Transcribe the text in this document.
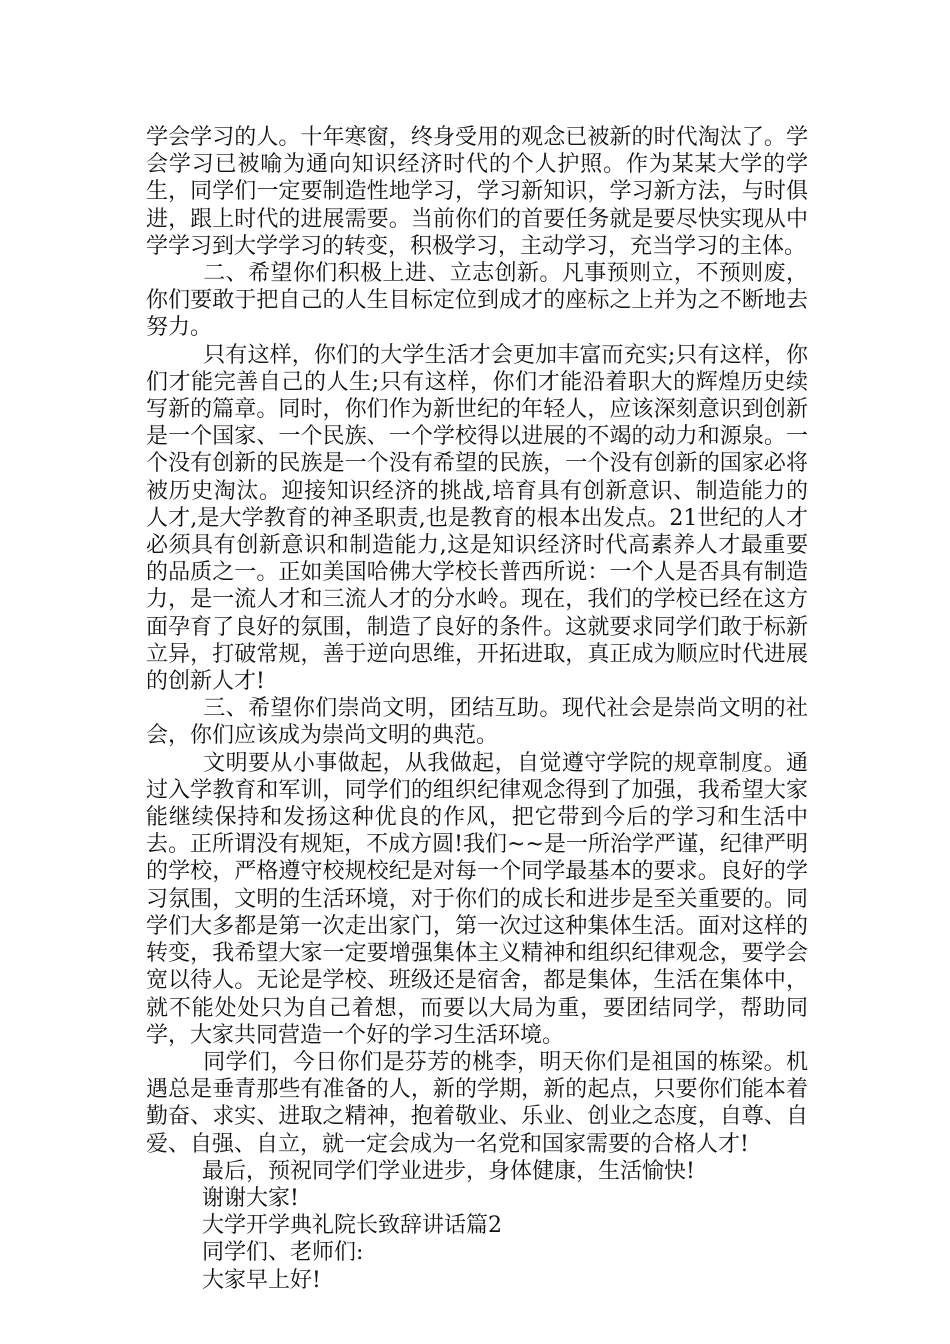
学会学习的人。十年寒窗，终身受用的观念已被新的时代淘汰了。学会学习已被喻为通向知识经济时代的个人护照。作为某某大学的学生，同学们一定要制造性地学习，学习新知识，学习新方法，与时俱进，跟上时代的进展需要。当前你们的首要任务就是要尽快实现从中学学习到大学学习的转变，积极学习，主动学习，充当学习的主体。

二、希望你们积极上进、立志创新。凡事预则立，不预则废，你们要敢于把自己的人生目标定位到成才的座标之上并为之不断地去努力。

只有这样，你们的大学生活才会更加丰富而充实;只有这样，你们才能完善自己的人生;只有这样，你们才能沿着职大的辉煌历史续写新的篇章。同时，你们作为新世纪的年轻人，应该深刻意识到创新是一个国家、一个民族、一个学校得以进展的不竭的动力和源泉。一个没有创新的民族是一个没有希望的民族，一个没有创新的国家必将被历史淘汰。迎接知识经济的挑战,培育具有创新意识、制造能力的人才,是大学教育的神圣职责,也是教育的根本出发点。21世纪的人才必须具有创新意识和制造能力,这是知识经济时代高素养人才最重要的品质之一。正如美国哈佛大学校长普西所说：一个人是否具有制造力，是一流人才和三流人才的分水岭。现在，我们的学校已经在这方面孕育了良好的氛围，制造了良好的条件。这就要求同学们敢于标新立异，打破常规，善于逆向思维，开拓进取，真正成为顺应时代进展的创新人才!

三、希望你们崇尚文明，团结互助。现代社会是崇尚文明的社会，你们应该成为崇尚文明的典范。

文明要从小事做起，从我做起，自觉遵守学院的规章制度。通过入学教育和军训，同学们的组织纪律观念得到了加强，我希望大家能继续保持和发扬这种优良的作风，把它带到今后的学习和生活中去。正所谓没有规矩，不成方圆!我们~~是一所治学严谨，纪律严明的学校，严格遵守校规校纪是对每一个同学最基本的要求。良好的学习氛围，文明的生活环境，对于你们的成长和进步是至关重要的。同学们大多都是第一次走出家门，第一次过这种集体生活。面对这样的转变，我希望大家一定要增强集体主义精神和组织纪律观念，要学会宽以待人。无论是学校、班级还是宿舍，都是集体，生活在集体中，就不能处处只为自己着想，而要以大局为重，要团结同学，帮助同学，大家共同营造一个好的学习生活环境。

同学们，今日你们是芬芳的桃李，明天你们是祖国的栋梁。机遇总是垂青那些有准备的人，新的学期，新的起点，只要你们能本着勤奋、求实、进取之精神，抱着敬业、乐业、创业之态度，自尊、自爱、自强、自立，就一定会成为一名党和国家需要的合格人才!

最后，预祝同学们学业进步，身体健康，生活愉快!

谢谢大家!

大学开学典礼院长致辞讲话篇2

同学们、老师们:

大家早上好!
